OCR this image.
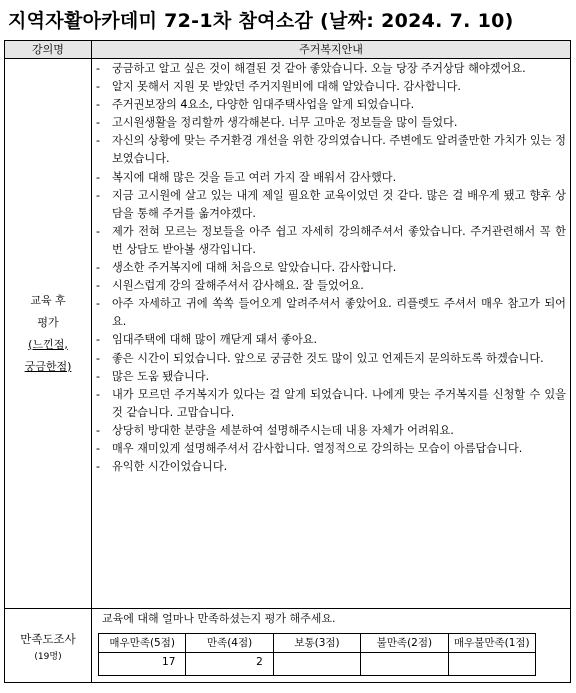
지역자활아카데미 72-1차 참여소감 (날짜: 2024. 7. 10)
강의명	주거복지안내

교육 후
평가
(느낀점,
궁금한점)

- 궁금하고 알고 싶은 것이 해결된 것 같아 좋았습니다. 오늘 당장 주거상담 해야겠어요.
- 알지 못해서 지원 못 받았던 주거지원비에 대해 알았습니다. 감사합니다.
- 주거권보장의 4요소, 다양한 임대주택사업을 알게 되었습니다.
- 고시원생활을 정리할까 생각해본다. 너무 고마운 정보들을 많이 들었다.
- 자신의 상황에 맞는 주거환경 개선을 위한 강의였습니다. 주변에도 알려줄만한 가치가 있는 정보였습니다.
- 복지에 대해 많은 것을 듣고 여러 가지 잘 배워서 감사했다.
- 지금 고시원에 살고 있는 내게 제일 필요한 교육이었던 것 같다. 많은 걸 배우게 됐고 향후 상담을 통해 주거를 옮겨야겠다.
- 제가 전혀 모르는 정보들을 아주 쉽고 자세히 강의해주셔서 좋았습니다. 주거관련해서 꼭 한 번 상담도 받아볼 생각입니다.
- 생소한 주거복지에 대해 처음으로 알았습니다. 감사합니다.
- 시원스럽게 강의 잘해주셔서 감사해요. 잘 들었어요.
- 아주 자세하고 귀에 쏙쏙 들어오게 알려주셔서 좋았어요. 리플렛도 주셔서 매우 참고가 되어요.
- 임대주택에 대해 많이 깨닫게 돼서 좋아요.
- 좋은 시간이 되었습니다. 앞으로 궁금한 것도 많이 있고 언제든지 문의하도록 하겠습니다.
- 많은 도움 됐습니다.
- 내가 모르던 주거복지가 있다는 걸 알게 되었습니다. 나에게 맞는 주거복지를 신청할 수 있을 것 같습니다. 고맙습니다.
- 상당히 방대한 분량을 세분하여 설명해주시는데 내용 자체가 어려워요.
- 매우 재미있게 설명해주셔서 감사합니다. 열정적으로 강의하는 모습이 아름답습니다.
- 유익한 시간이었습니다.

만족도조사
(19명)

교육에 대해 얼마나 만족하셨는지 평가 해주세요.
매우만족(5점)	만족(4점)	보통(3점)	불만족(2점)	매우불만족(1점)
17	2			
